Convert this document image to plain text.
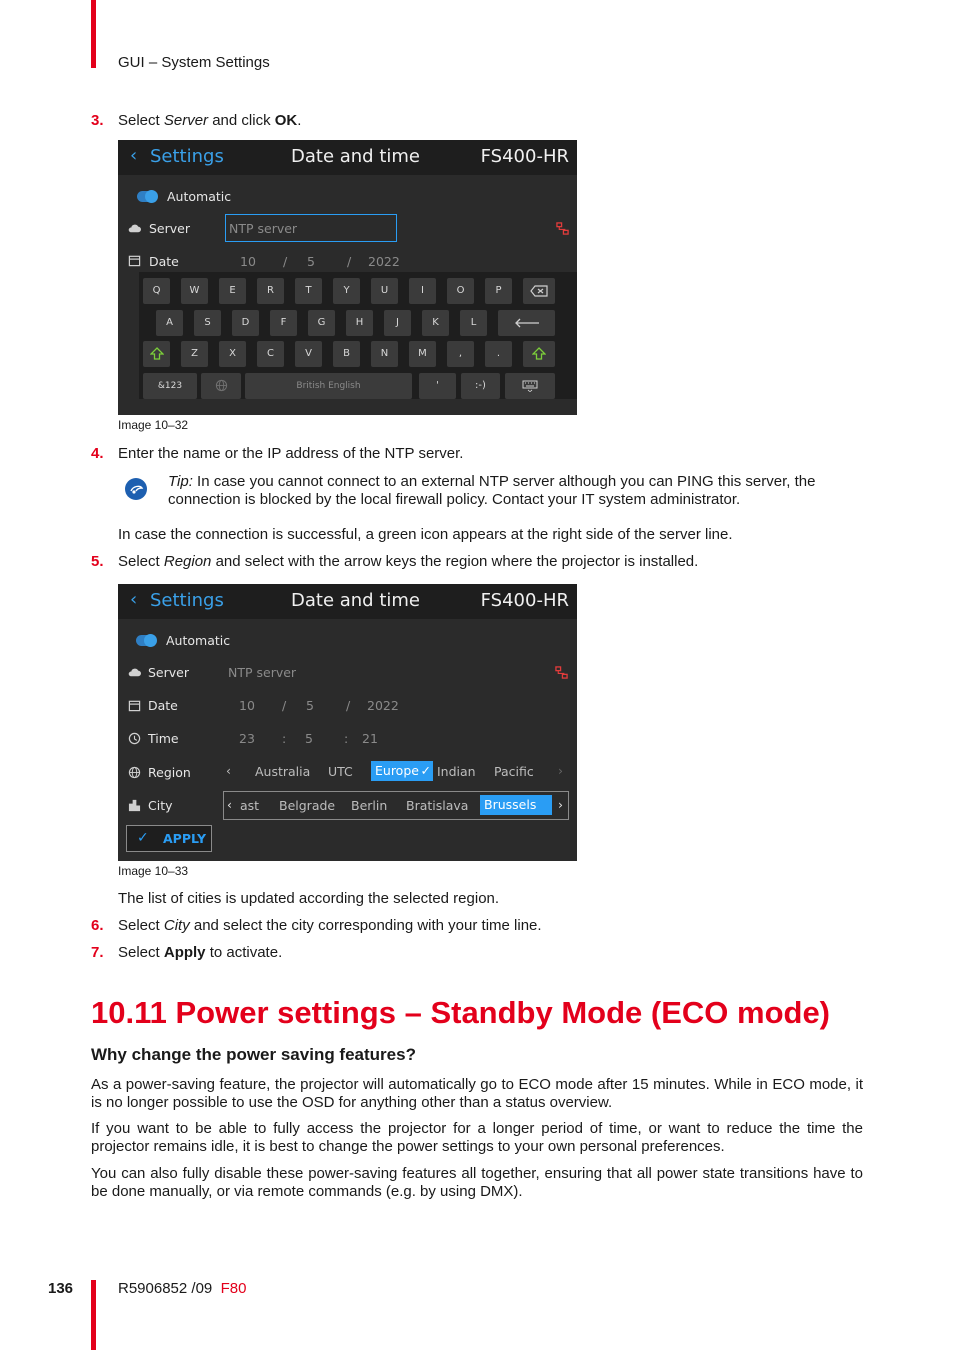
GUI – System Settings
3. Select Server and click OK.
‹ Settings	Date and time	FS400-HR
Automatic
Server	NTP server
Date	10 / 5	/ 2022
Q	W	E	R	T	Y	U	I	O	P
A	S	D	F	G	H	J	K	L
Z	X	C	V	B	N	M	,	.
&123	British English	'	:-)
Image 10–32
4. Enter the name or the IP address of the NTP server.
Tip: In case you cannot connect to an external NTP server although you can PING this server, the
connection is blocked by the local firewall policy. Contact your IT system administrator.
In case the connection is successful, a green icon appears at the right side of the server line.
5. Select Region and select with the arrow keys the region where the projector is installed.
‹ Settings	Date and time	FS400-HR
Automatic
Server	NTP server
Date	10 / 5	/ 2022
Time	23 : 5 : 21
Region	‹ Australia UTC	Europe ✓ Indian Pacific ›
City	‹ ast Belgrade Berlin Bratislava	Brussels	›
✓ APPLY
Image 10–33
The list of cities is updated according the selected region.
6. Select City and select the city corresponding with your time line.
7. Select Apply to activate.
10.11 Power settings – Standby Mode (ECO mode)
Why change the power saving features?
As a power-saving feature, the projector will automatically go to ECO mode after 15 minutes. While in ECO mode, it is no longer possible to use the OSD for anything other than a status overview.
If you want to be able to fully access the projector for a longer period of time, or want to reduce the time the projector remains idle, it is best to change the power settings to your own personal preferences.
You can also fully disable these power-saving features all together, ensuring that all power state transitions have to be done manually, or via remote commands (e.g. by using DMX).
136	R5906852 /09 F80
